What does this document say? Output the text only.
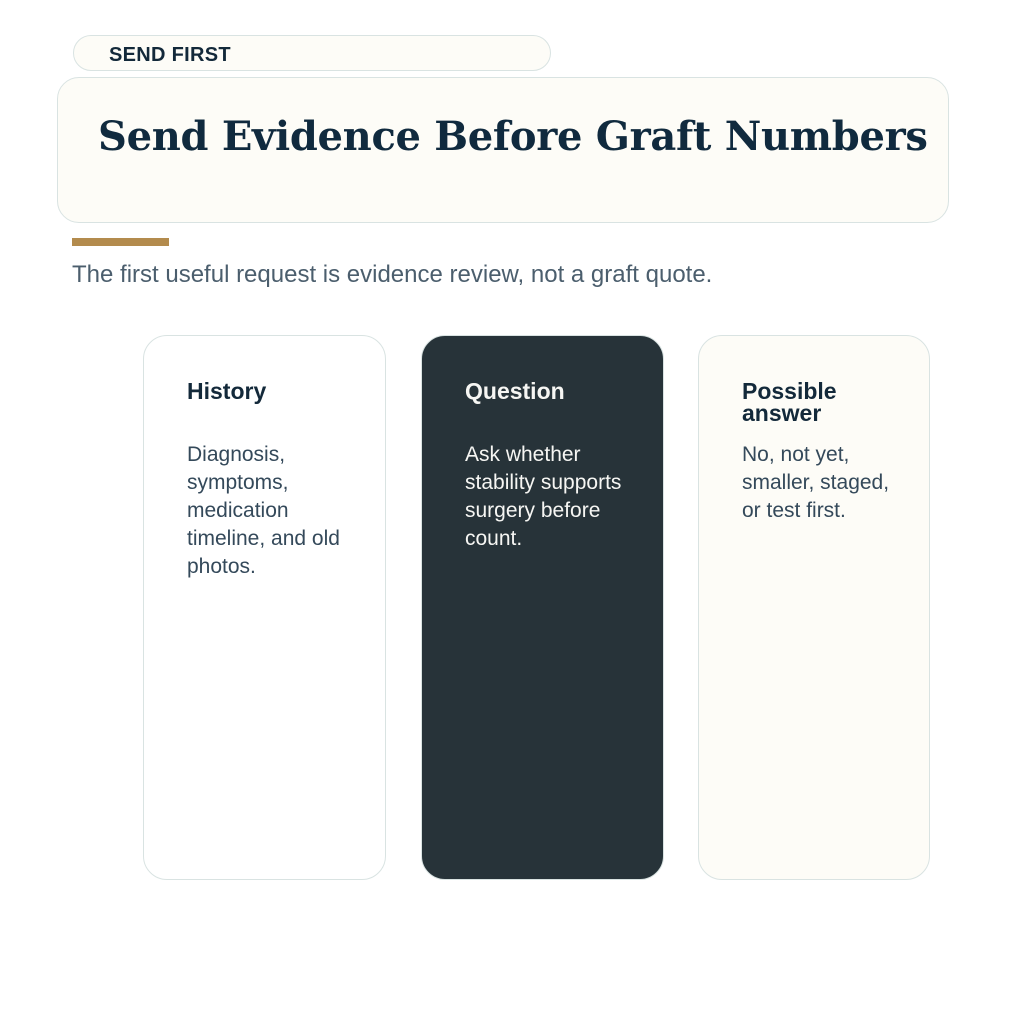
SEND FIRST
Send Evidence Before Graft Numbers
The first useful request is evidence review, not a graft quote.
History

Diagnosis, symptoms, medication timeline, and old photos.

Question

Ask whether stability supports surgery before count.

Possible answer

No, not yet, smaller, staged, or test first.
